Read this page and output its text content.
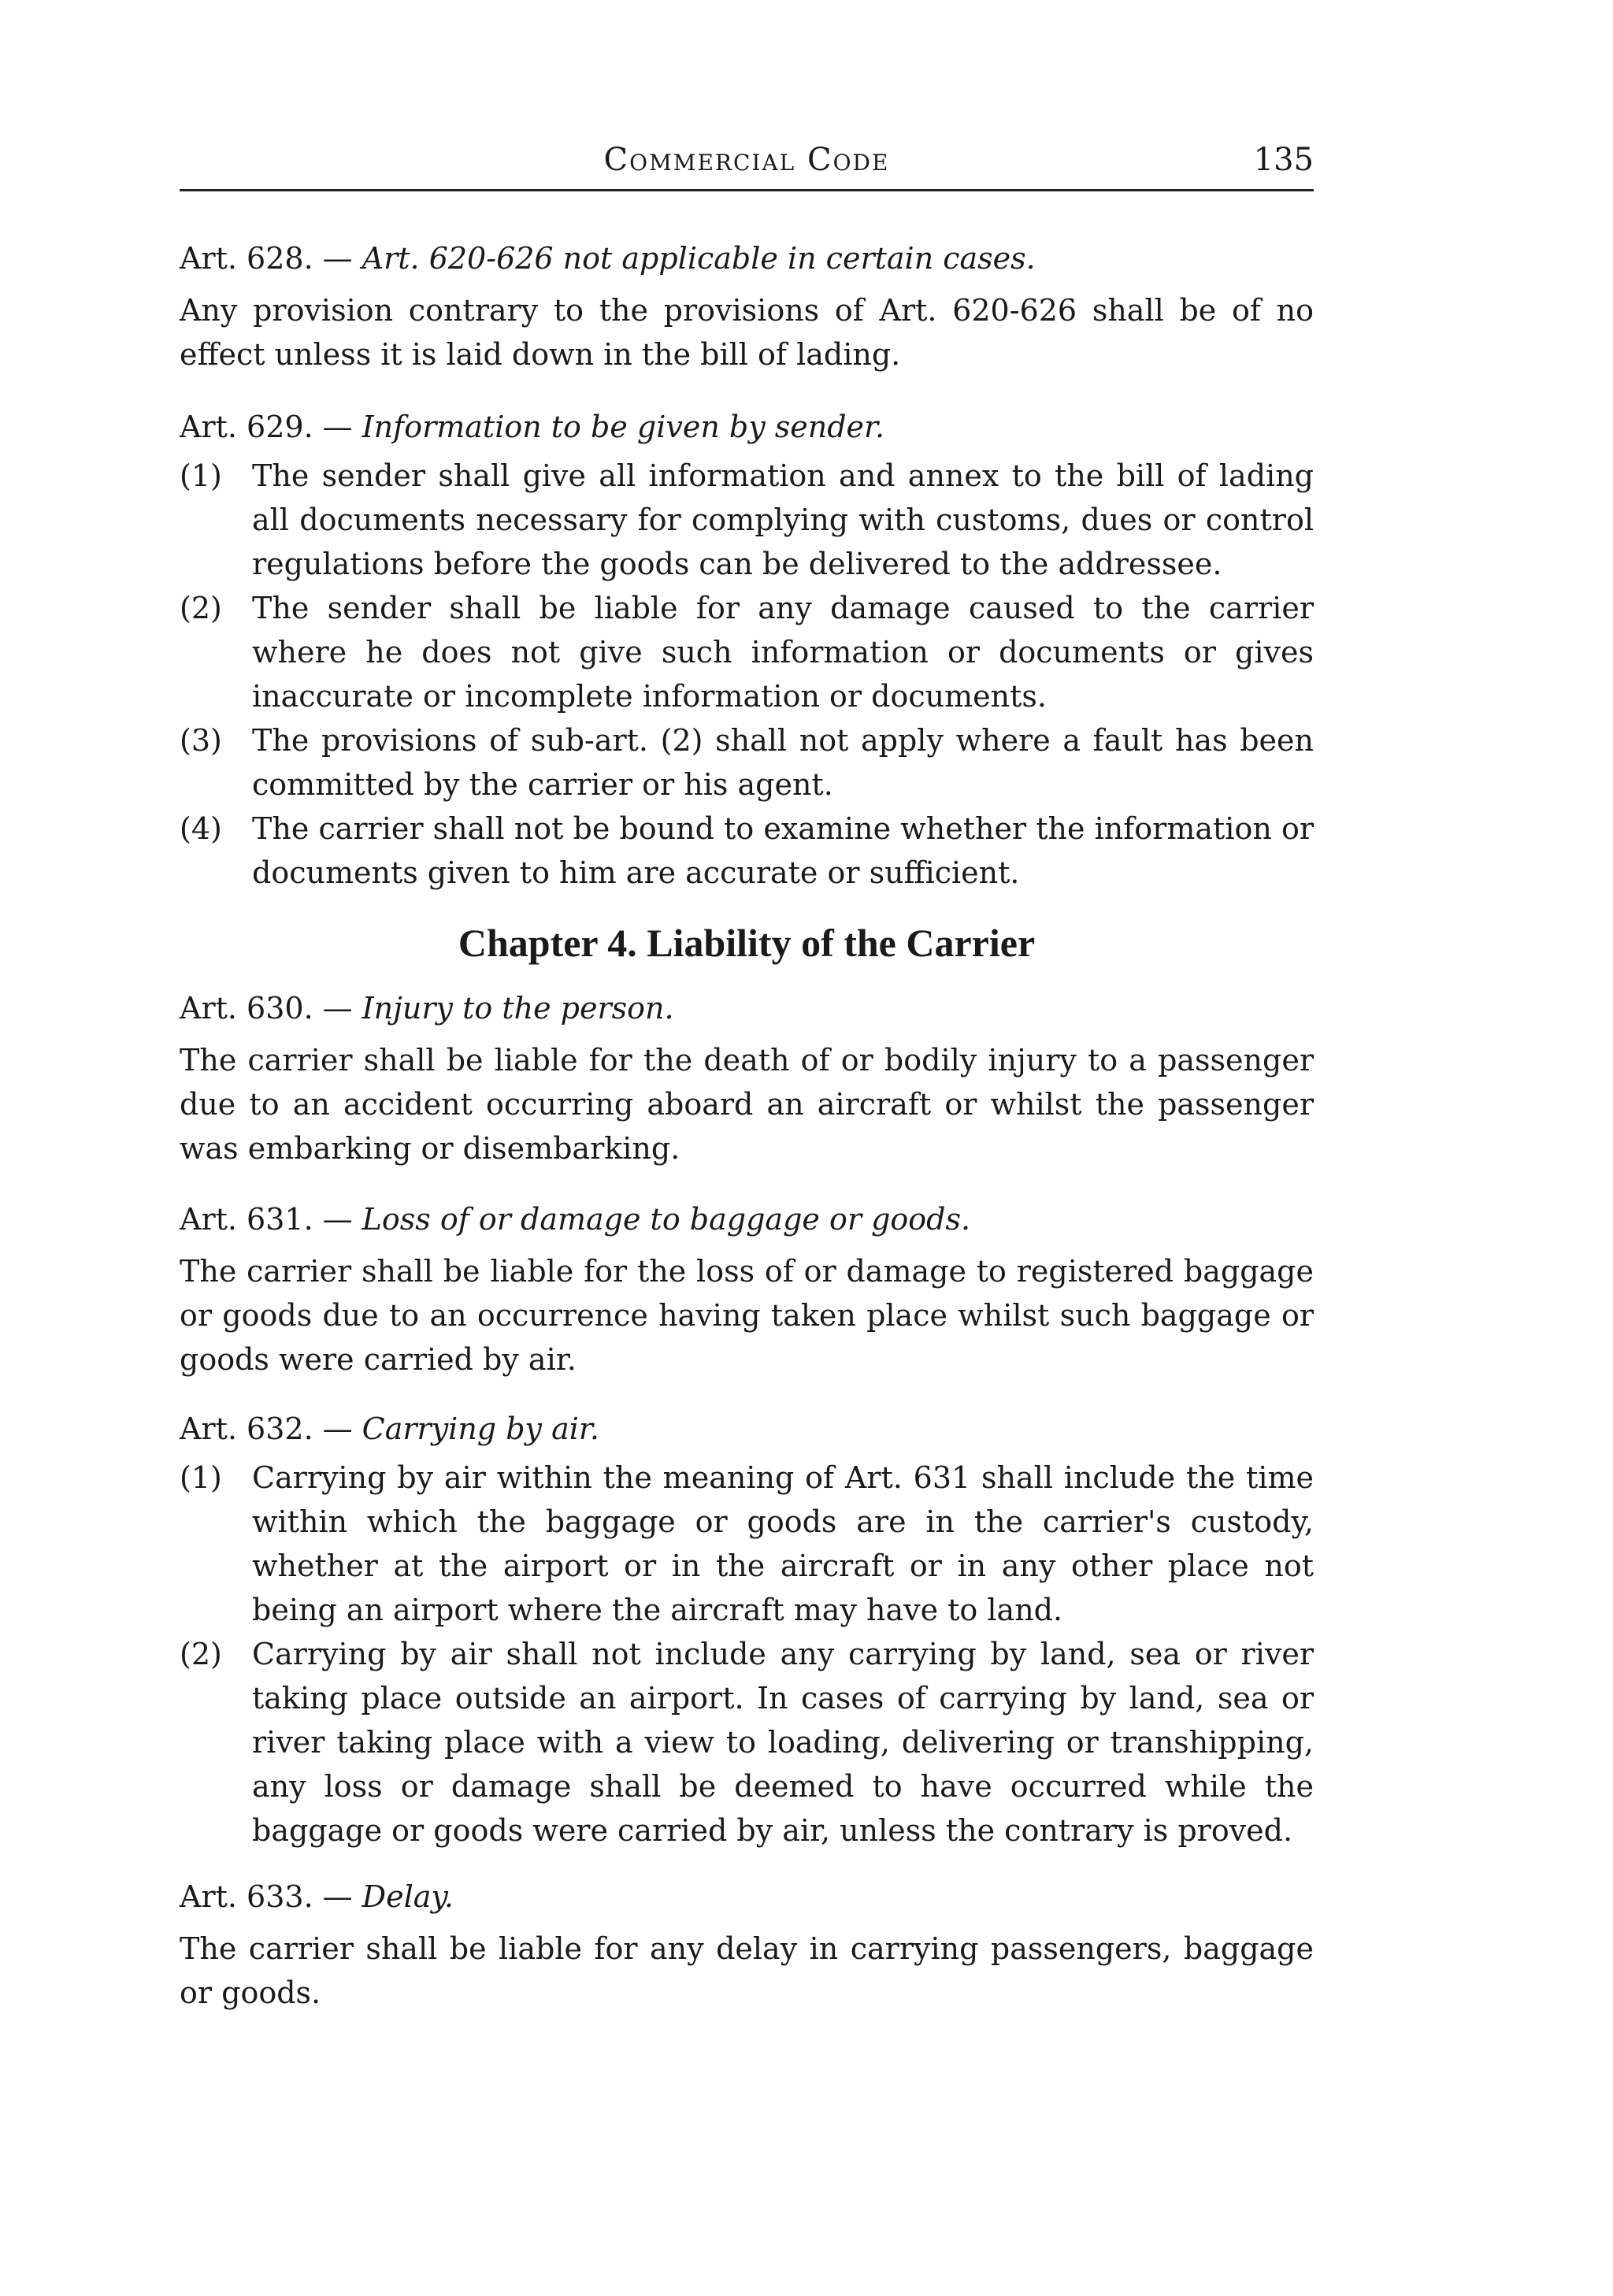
Commercial Code	135
Art. 628. — Art. 620-626 not applicable in certain cases.
Any provision contrary to the provisions of Art. 620-626 shall be of no effect unless it is laid down in the bill of lading.
Art. 629. — Information to be given by sender.
(1)	The sender shall give all information and annex to the bill of lading all documents necessary for complying with customs, dues or control regulations before the goods can be delivered to the addressee.
(2)	The sender shall be liable for any damage caused to the carrier where he does not give such information or documents or gives inaccurate or incomplete information or documents.
(3)	The provisions of sub-art. (2) shall not apply where a fault has been committed by the carrier or his agent.
(4)	The carrier shall not be bound to examine whether the information or documents given to him are accurate or sufficient.
Chapter 4. Liability of the Carrier
Art. 630. — Injury to the person.
The carrier shall be liable for the death of or bodily injury to a passenger due to an accident occurring aboard an aircraft or whilst the passenger was embarking or disembarking.
Art. 631. — Loss of or damage to baggage or goods.
The carrier shall be liable for the loss of or damage to registered baggage or goods due to an occurrence having taken place whilst such baggage or goods were carried by air.
Art. 632. — Carrying by air.
(1)	Carrying by air within the meaning of Art. 631 shall include the time within which the baggage or goods are in the carrier's custody, whether at the airport or in the aircraft or in any other place not being an airport where the aircraft may have to land.
(2)	Carrying by air shall not include any carrying by land, sea or river taking place outside an airport. In cases of carrying by land, sea or river taking place with a view to loading, delivering or transhipping, any loss or damage shall be deemed to have occurred while the baggage or goods were carried by air, unless the contrary is proved.
Art. 633. — Delay.
The carrier shall be liable for any delay in carrying passengers, baggage or goods.
